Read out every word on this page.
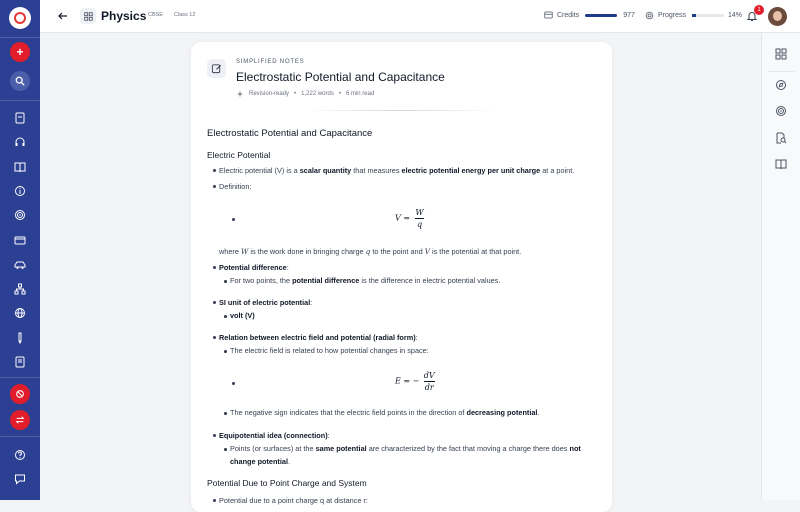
+
Physics CBSE Class 12	Credits	977	Progress	14%
1
SIMPLIFIED NOTES
Electrostatic Potential and Capacitance
Revision-ready • 1,222 words • 6 min read
Electrostatic Potential and Capacitance
Electric Potential
Electric potential (V) is a scalar quantity that measures electric potential energy per unit charge at a point.
Definition:
$V = \frac{W}{q}$
where W is the work done in bringing charge q to the point and V is the potential at that point.
Potential difference:
For two points, the potential difference is the difference in electric potential values.
SI unit of electric potential:
volt (V)
Relation between electric field and potential (radial form):
The electric field is related to how potential changes in space:
E = − $\frac{dV}{dr}$
The negative sign indicates that the electric field points in the direction of decreasing potential.
Equipotential idea (connection):
Points (or surfaces) at the same potential are characterized by the fact that moving a charge there does not
change potential.
Potential Due to Point Charge and System
Potential due to a point charge q at distance r:
